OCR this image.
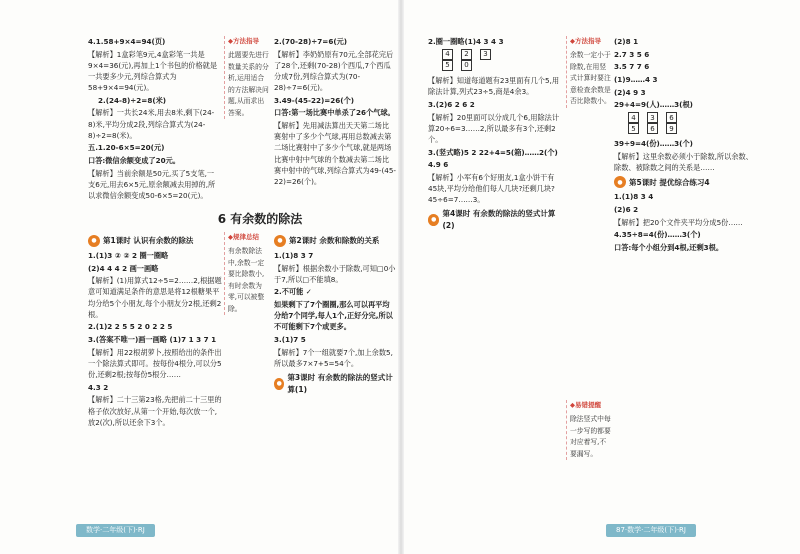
4.1.58+9×4=94(页)

【解析】1盒彩笔9元,4盒彩笔一共是9×4=36(元),再加上1个书包的价格就是一共要多少元,列综合算式为58+9×4=94(元)。

2.(24-8)÷2=8(米)

【解析】一共长24米,用去8米,剩下(24-8)米,平均分成2段,列综合算式为(24-8)÷2=8(米)。

五.1.20-6×5=20(元)

口答:微信余额变成了20元。

【解析】当前余额是50元,买了5支笔,一支6元,用去6×5元,原余额减去用掉的,所以求微信余额变成50-6×5=20(元)。

◆方法指导
此题要先进行数量关系的分析,运用适合的方法解决问题,从而求出答案。

2.(70-28)÷7=6(元)

【解析】李奶奶原有70元,全部花完后了28个,还剩(70-28)个西瓜,7个西瓜分成7份,列综合算式为(70-28)÷7=6(元)。

3.49-(45-22)=26(个)

口答:第一场比赛中单杀了26个气球。

【解析】先用减法算出天天第二场比赛射中了多少个气球,再用总数减去第二场比赛射中了多少个气球,就是两场比赛中射中气球的个数减去第二场比赛中射中的气球,列综合算式为49-(45-22)=26(个)。

6 有余数的除法
● 第1课时 认识有余数的除法

1.(1)3 ② ② 2 圈一圈略

(2)4 4 4 2 画一画略

【解析】(1)用算式12÷5=2……2,根据题意可知道满足条件的意思是将12根糖果平均分给5个小朋友,每个小朋友分2根,还剩2根。

2.(1)2 2 5 5 2 0 2 2 5

3.(答案不唯一)画一画略 (1)7 1 3 7 1

【解析】用22根胡萝卜,按照给出的条件出一个除法算式即可。按每份4根分,可以分5份,还剩2根;按每份5根分……

4.3 2

【解析】二十三第23格,先把前二十三里的格子依次放好,从第一个开始,每次放一个,放2(次),所以还余下3个。

◆规律总结
有余数除法中,余数一定要比除数小,有时余数为零,可以被整除。
● 第2课时 余数和除数的关系

1.(1)8 3 7

【解析】根据余数小于除数,可知□0小于7,所以□不能填8。

2.不可能 ✓

如果剩下了7个圈圈,那么可以再平均分给7个同学,每人1个,正好分完,所以不可能剩下7个或更多。

3.(1)7 5

【解析】7个一组就要7个,加上余数5,所以最多7×7+5=54个。

●
第3课时 有余数的除法的竖式计算(1)

2.圈一圈略(1)4 3 4 3

4
5
2
0
3

【解析】知道每道题有23里面有几个5,用除法计算,列式23÷5,商是4余3。

3.(2)6 2 6 2

【解析】20里面可以分成几个6,用除法计算20÷6=3……2,所以最多有3个,还剩2个。

3.(竖式略)5 2 22+4=5(箱)……2(个)

4.9 6

【解析】小军有6个好朋友,1盒小饼干有45块,平均分给他们每人几块?还剩几块?45÷6=7……3。

●
第4课时 有余数的除法的竖式计算(2)
◆方法指导
余数一定小于除数,在用竖式计算时要注意检查余数是否比除数小。
◆易错提醒
除法竖式中每一步写的都要对应着写,不要漏写。

(2)8 1

2.7 3 5 6

3.5 7 7 6

(1)9……4 3

(2)4 9 3

29+4=9(人)……3(根)

4
5
3
6
6
9

39÷9=4(份)……3(个)

【解析】这里余数必须小于除数,所以余数、除数、被除数之间的关系是……

● 第5课时 提优综合练习4

1.(1)8 3 4

(2)6 2

【解析】把20个文件夹平均分成5份……

4.35÷8=4(份)……3(个)

口答:每个小组分到4根,还剩3根。

数学·二年级(下)·RJ	87·数学·二年级(下)·RJ
